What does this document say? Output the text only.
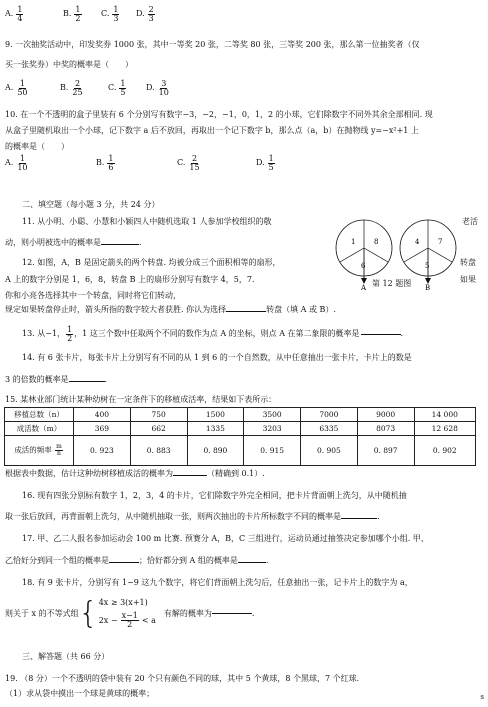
A. $\frac{1}{4}$	B. $\frac{1}{2} C$. $\frac{1}{3} D$. $\frac{2}{3}$
9. 一次抽奖活动中，印发奖券 1000 张，其中一等奖 20 张，二等奖 80 张，三等奖 200 张，那么第一位抽奖者（仅
买一张奖券）中奖的概率是（　　）
A. $\frac{1}{50}$	B. $\frac{2}{25}$	C. $\frac{1}{5} D$. $\frac{3}{10}$
10. 在一个不透明的盒子里装有 6 个分别写有数字−3，−2，−1，0，1，2 的小球，它们除数字不同外其余全部相同. 现
从盒子里随机取出一个小球，记下数字 a 后不放回，再取出一个记下数字 b，那么点（a，b）在抛物线 y=−x²+1 上
的概率是（　　）
A. $\frac{1}{10}$	B. $\frac{1}{6}$	C. $\frac{2}{15}$	D. $\frac{1}{5}$
二、填空题（每小题 3 分，共 24 分）
11. 从小明、小聪、小慧和小颖四人中随机选取 1 人参加学校组织的敬	老活
动，则小明被选中的概率是	.
12. 如图，A，B 是固定箭头的两个转盘. 均被分成三个面积相等的扇形，	转盘
A 上的数字分别是 1，6，8，转盘 B 上的扇形分别写有数字 4，5，7.	如果
你和小亮各选择其中一个转盘，同时将它们转动，
规定如果转盘停止时，箭头所指的数字较大者获胜. 你认为选择	转盘（填 A 或 B）.
1	8
6
A
4	7
5
B
第 12 题图
13. 从−1， $\frac{1}{2}$ ，1 这三个数中任取两个不同的数作为点 A 的坐标，则点 A 在第二象限的概率是	.
14. 有 6 张卡片，每张卡片上分别写有不同的从 1 到 6 的一个自然数，从中任意抽出一张卡片，卡片上的数是
3 的倍数的概率是	.
15. 某林业部门统计某种幼树在一定条件下的移植成活率，结果如下表所示：
移植总数（n）	400	750	1500	3500	7000	9000	14 000
成活数（m）	369	662	1335	3203	6335	8073	12 628
成活的频率 $\frac{m}{n}$	0. 923	0. 883	0. 890	0. 915	0. 905	0. 897	0. 902
根据表中数据，估计这种幼树移植成活的概率为	（精确到 0.1）.
16. 现有四张分别标有数字 1，2，3，4 的卡片，它们除数字外完全相同，把卡片背面朝上洗匀，从中随机抽
取一张后放回，再背面朝上洗匀，从中随机抽取一张，则两次抽出的卡片所标数字不同的概率是	.
17. 甲、乙二人报名参加运动会 100 m 比赛. 预赛分 A，B，C 三组进行，运动员通过抽签决定参加哪个小组. 甲、
乙恰好分到同一个组的概率是	；恰好都分到 A 组的概率是	.
18. 有 9 张卡片，分别写有 1~9 这九个数字，将它们背面朝上洗匀后，任意抽出一张，记卡片上的数字为 a，
则关于 x 的不等式组 { 4x ≥ 3(x+1)
$2x - \frac{x-1}{2} < a$
有解的概率为	.
三、解答题（共 66 分）
19. （8 分）一个不透明的袋中装有 20 个只有颜色不同的球，其中 5 个黄球，8 个黑球，7 个红球.
（1）求从袋中摸出一个球是黄球的概率；	s
